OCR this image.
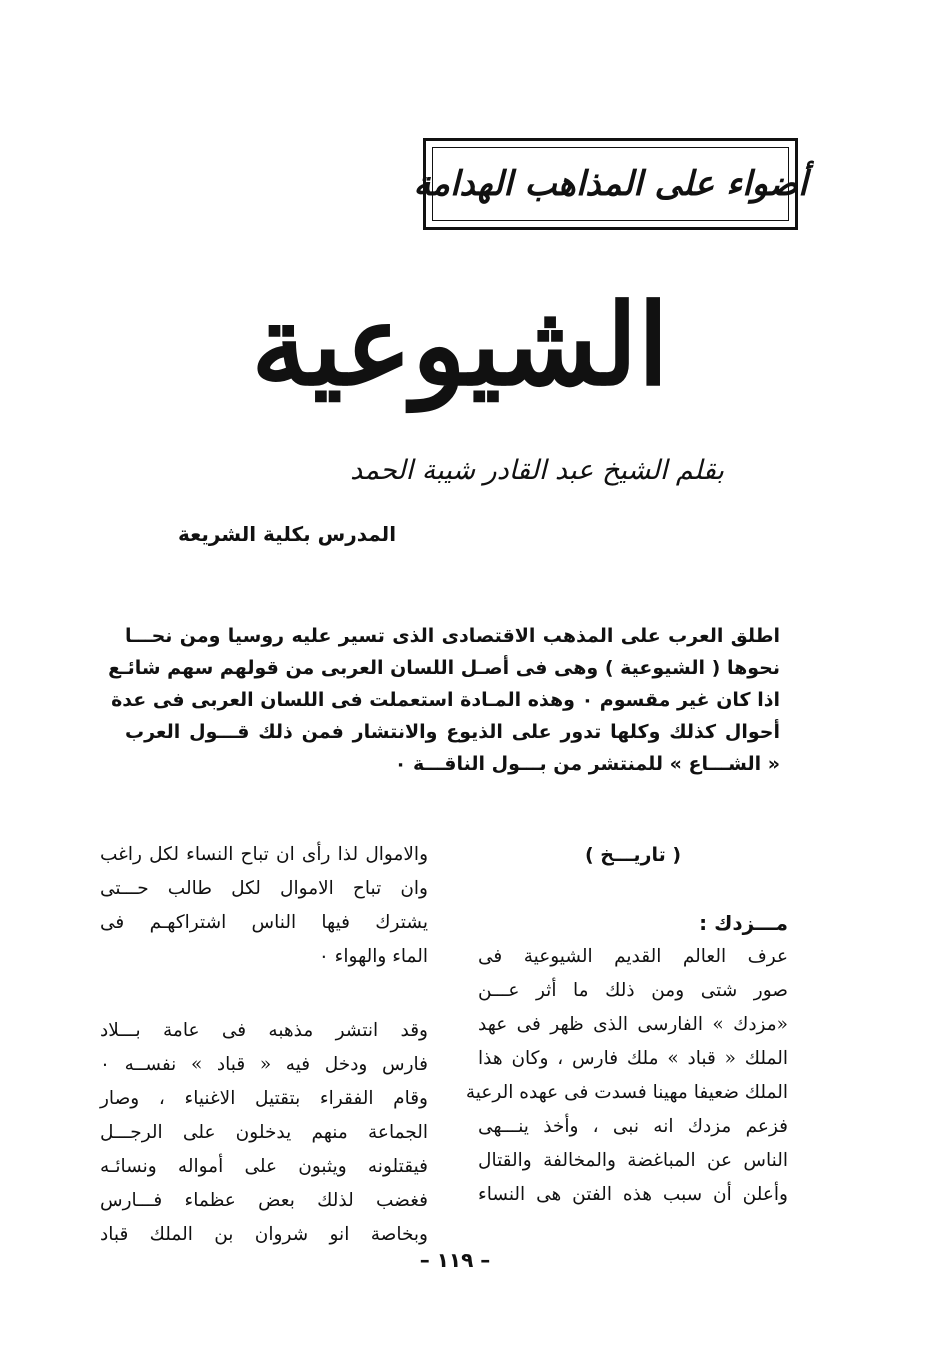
أضواء على المذاهب الهدامة
الشيوعية
بقلم الشيخ عبد القادر شيبة الحمد
المدرس بكلية الشريعة
اطلق العرب على المذهب الاقتصادى الذى تسير عليه روسيا ومن نحـــا
نحوها ( الشيوعية ) وهى فى أصـل اللسان العربى من قولهم سهم شائـع
اذا كان غير مقسوم ٠ وهذه المـادة استعملت فى اللسان العربى فى عدة
أحوال كذلك وكلها تدور على الذيوع والانتشار فمن ذلك قـــول العرب
« الشـــاع » للمنتشر من بـــول الناقـــة ٠
( تاريـــخ )
مـــزدك :
عرف العالم القديم الشيوعية فى
صور شتى ومن ذلك ما أثر عـــن
«مزدك » الفارسى الذى ظهر فى عهد
الملك « قباد » ملك فارس ، وكان هذا
الملك ضعيفا مهينا فسدت فى عهده الرعية
فزعم مزدك انه نبى ، وأخذ ينـــهى
الناس عن المباغضة والمخالفة والقتال
وأعلن أن سبب هذه الفتن هى النساء
والاموال لذا رأى ان تباح النساء لكل راغب
وان تباح الاموال لكل طالب حـــتى
يشترك فيها الناس اشتراكهـم فى
الماء والهواء ٠
وقد انتشر مذهبه فى عامة بـــلاد
فارس ودخل فيه « قباد » نفســه ٠
وقام الفقراء بتقتيل الاغنياء ، وصار
الجماعة منهم يدخلون على الرجـــل
فيقتلونه ويثبون على أمواله ونسائـه
فغضب لذلك بعض عظماء فـــارس
وبخاصة انو شروان بن الملك قباد
– ١١٩ –
